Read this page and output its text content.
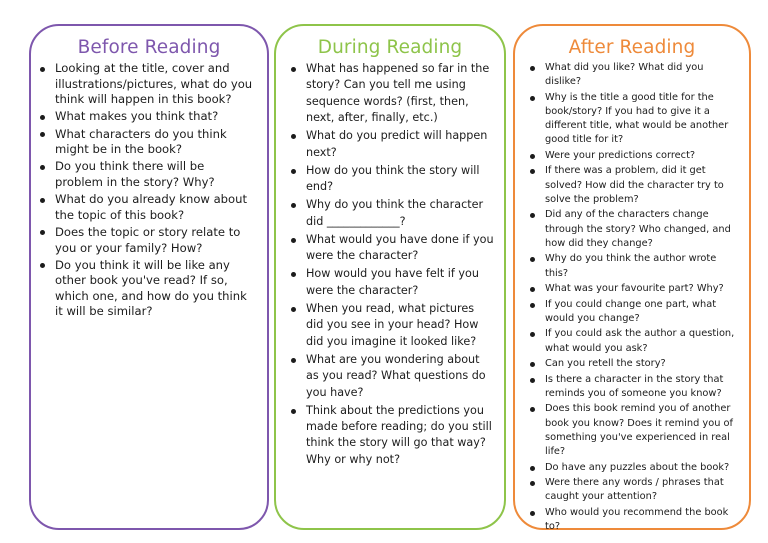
Before Reading
Looking at the title, cover and illustrations/pictures, what do you think will happen in this book?
What makes you think that?
What characters do you think might be in the book?
Do you think there will be problem in the story? Why?
What do you already know about the topic of this book?
Does the topic or story relate to you or your family? How?
Do you think it will be like any other book you've read? If so, which one, and how do you think it will be similar?
During Reading
What has happened so far in the story? Can you tell me using sequence words? (first, then, next, after, finally, etc.)
What do you predict will happen next?
How do you think the story will end?
Why do you think the character did _____________?
What would you have done if you were the character?
How would you have felt if you were the character?
When you read, what pictures did you see in your head? How did you imagine it looked like?
What are you wondering about as you read? What questions do you have?
Think about the predictions you made before reading; do you still think the story will go that way? Why or why not?
After Reading
What did you like? What did you dislike?
Why is the title a good title for the book/story? If you had to give it a different title, what would be another good title for it?
Were your predictions correct?
If there was a problem, did it get solved? How did the character try to solve the problem?
Did any of the characters change through the story? Who changed, and how did they change?
Why do you think the author wrote this?
What was your favourite part? Why?
If you could change one part, what would you change?
If you could ask the author a question, what would you ask?
Can you retell the story?
Is there a character in the story that reminds you of someone you know?
Does this book remind you of another book you know? Does it remind you of something you've experienced in real life?
Do have any puzzles about the book?
Were there any words / phrases that caught your attention?
Who would you recommend the book to?
